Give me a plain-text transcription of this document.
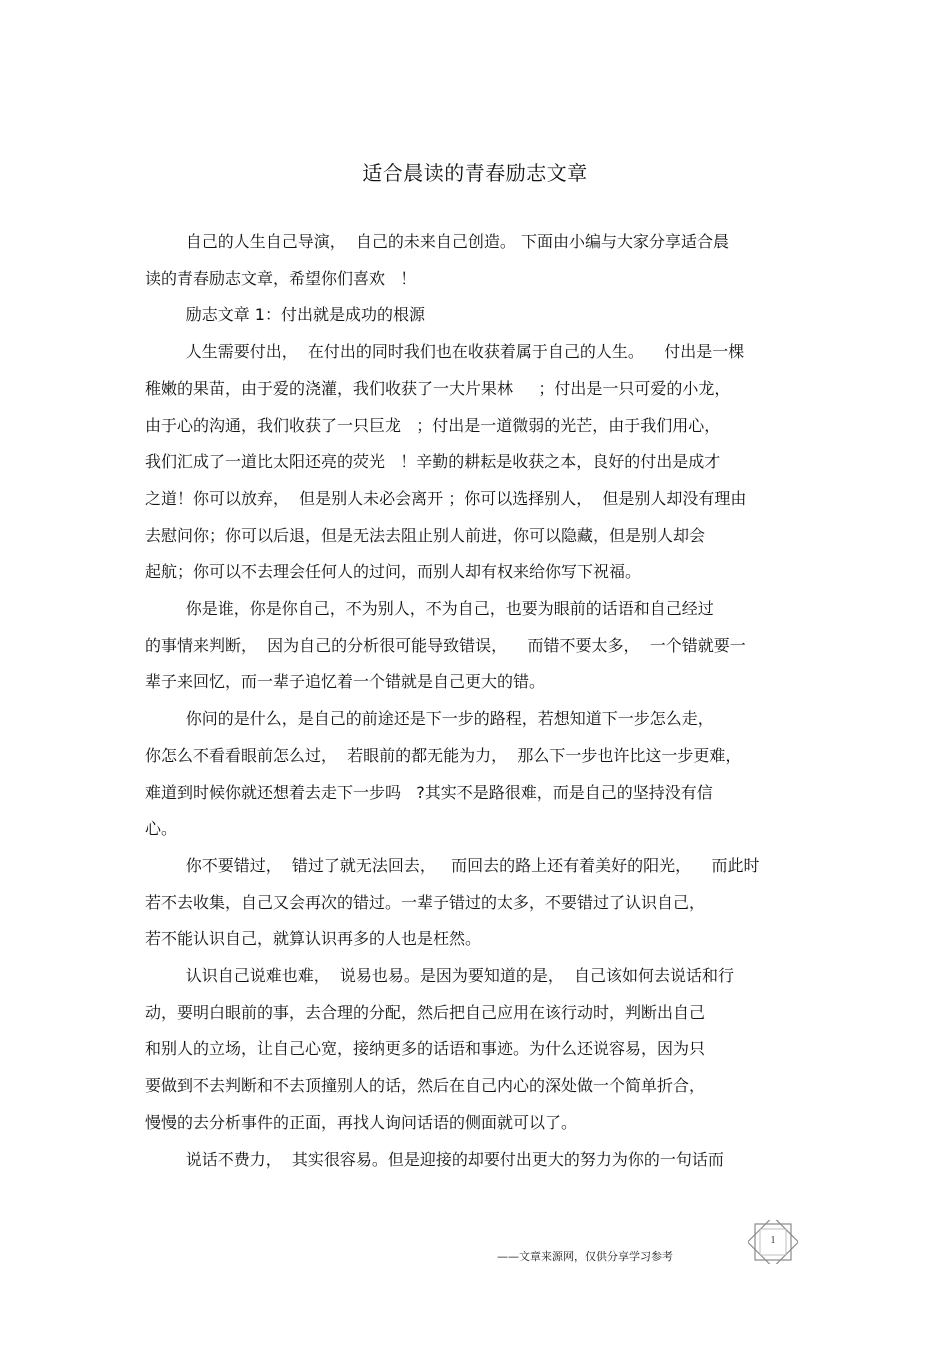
适合晨读的青春励志文章
自己的人生自己导演，  自己的未来自己创造。 下面由小编与大家分享适合晨
读的青春励志文章，希望你们喜欢   ！
励志文章 1：付出就是成功的根源
人生需要付出，  在付出的同时我们也在收获着属于自己的人生。    付出是一棵
稚嫩的果苗，由于爱的浇灌，我们收获了一大片果林     ；付出是一只可爱的小龙，
由于心的沟通，我们收获了一只巨龙   ；付出是一道微弱的光芒，由于我们用心，
我们汇成了一道比太阳还亮的荧光   ！辛勤的耕耘是收获之本，良好的付出是成才
之道！你可以放弃，  但是别人未必会离开 ；你可以选择别人，  但是别人却没有理由
去慰问你；你可以后退，但是无法去阻止别人前进，你可以隐藏，但是别人却会
起航；你可以不去理会任何人的过问，而别人却有权来给你写下祝福。
你是谁，你是你自己，不为别人，不为自己，也要为眼前的话语和自己经过
的事情来判断，  因为自己的分析很可能导致错误，    而错不要太多，  一个错就要一
辈子来回忆，而一辈子追忆着一个错就是自己更大的错。
你问的是什么，是自己的前途还是下一步的路程，若想知道下一步怎么走，
你怎么不看看眼前怎么过，  若眼前的都无能为力，  那么下一步也许比这一步更难，
难道到时候你就还想着去走下一步吗   ?其实不是路很难，而是自己的坚持没有信
心。
你不要错过，  错过了就无法回去，   而回去的路上还有着美好的阳光，    而此时
若不去收集，自己又会再次的错过。一辈子错过的太多，不要错过了认识自己，
若不能认识自己，就算认识再多的人也是枉然。
认识自己说难也难，  说易也易。是因为要知道的是，  自己该如何去说话和行
动，要明白眼前的事，去合理的分配，然后把自己应用在该行动时，判断出自己
和别人的立场，让自己心宽，接纳更多的话语和事迹。为什么还说容易，因为只
要做到不去判断和不去顶撞别人的话，然后在自己内心的深处做一个简单折合，
慢慢的去分析事件的正面，再找人询问话语的侧面就可以了。
说话不费力，  其实很容易。但是迎接的却要付出更大的努力为你的一句话而
1
——文章来源网，仅供分享学习参考
